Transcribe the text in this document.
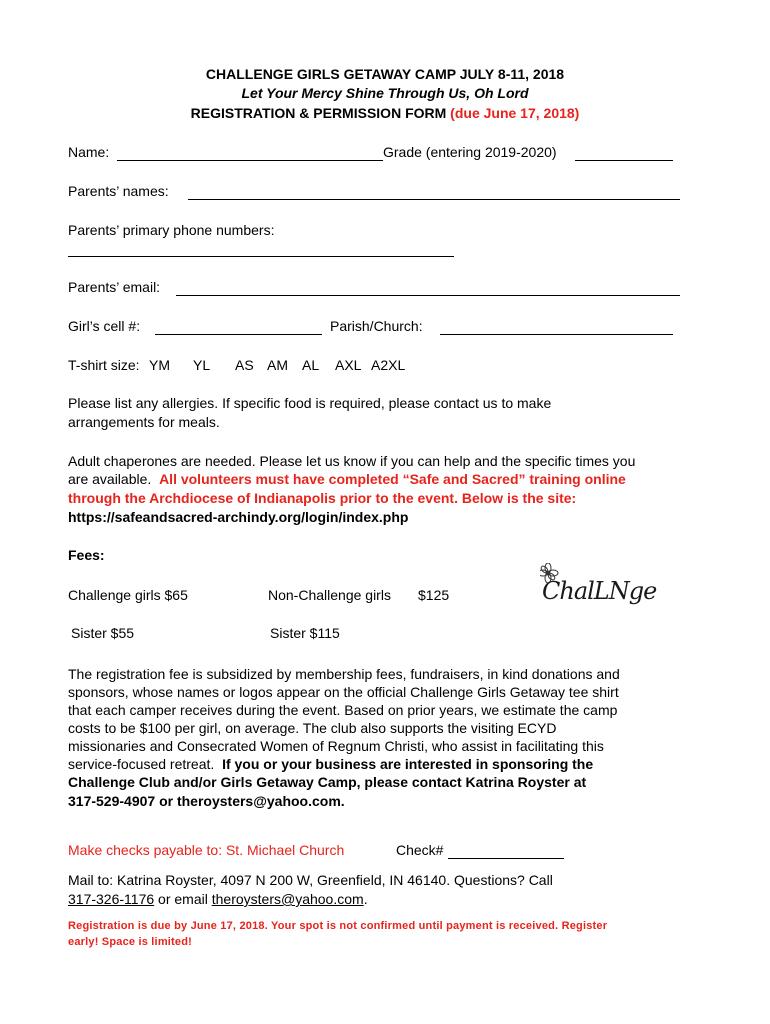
CHALLENGE GIRLS GETAWAY CAMP JULY 8-11, 2018
Let Your Mercy Shine Through Us, Oh Lord
REGISTRATION & PERMISSION FORM (due June 17, 2018)
Name:	Grade (entering 2019-2020)
Parents’ names:
Parents’ primary phone numbers:
Parents’ email:
Girl’s cell #:	Parish/Church:
T-shirt size: YM YL AS AM AL AXL A2XL
Please list any allergies. If specific food is required, please contact us to make
arrangements for meals.
Adult chaperones are needed. Please let us know if you can help and the specific times you
are available. All volunteers must have completed “Safe and Sacred” training online
through the Archdiocese of Indianapolis prior to the event. Below is the site:
https://safeandsacred-archindy.org/login/index.php
Fees:
Challenge girls $65	Non-Challenge girls $125
Sister $55	Sister $115
ChalLNge
The registration fee is subsidized by membership fees, fundraisers, in kind donations and
sponsors, whose names or logos appear on the official Challenge Girls Getaway tee shirt
that each camper receives during the event. Based on prior years, we estimate the camp
costs to be $100 per girl, on average. The club also supports the visiting ECYD
missionaries and Consecrated Women of Regnum Christi, who assist in facilitating this
service-focused retreat. If you or your business are interested in sponsoring the
Challenge Club and/or Girls Getaway Camp, please contact Katrina Royster at
317-529-4907 or theroysters@yahoo.com.
Make checks payable to: St. Michael Church	Check#
Mail to: Katrina Royster, 4097 N 200 W, Greenfield, IN 46140. Questions? Call
317-326-1176 or email theroysters@yahoo.com.
Registration is due by June 17, 2018. Your spot is not confirmed until payment is received. Register
early! Space is limited!
